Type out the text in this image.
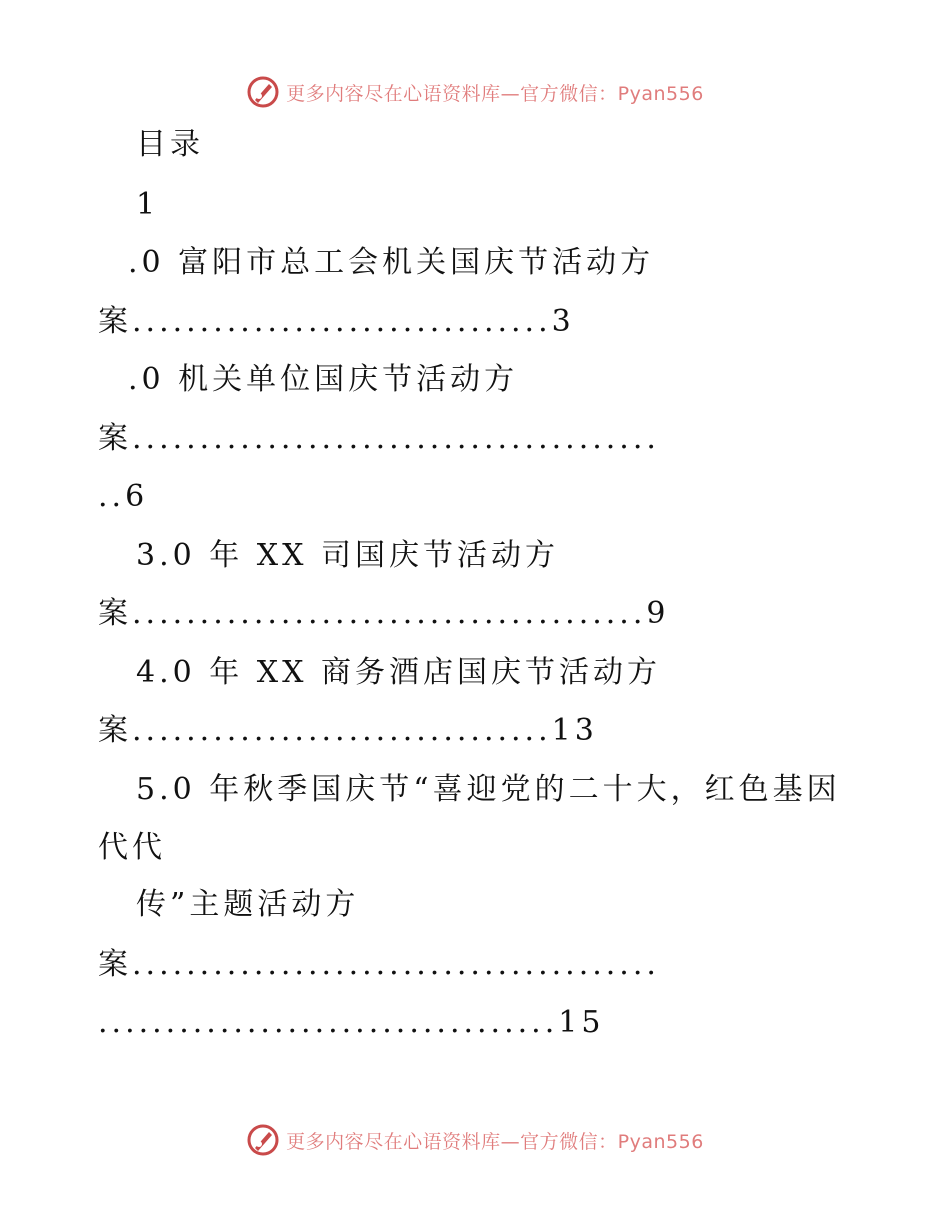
更多内容尽在心语资料库—官方微信：Pyan556
目录
1
.0 富阳市总工会机关国庆节活动方
案...............................3
.0 机关单位国庆节活动方
案.......................................
..6
3.0 年 XX 司国庆节活动方
案......................................9
4.0 年 XX 商务酒店国庆节活动方
案...............................13
5.0 年秋季国庆节“喜迎党的二十大，红色基因
代代
传”主题活动方
案.......................................
..................................15
更多内容尽在心语资料库—官方微信：Pyan556
